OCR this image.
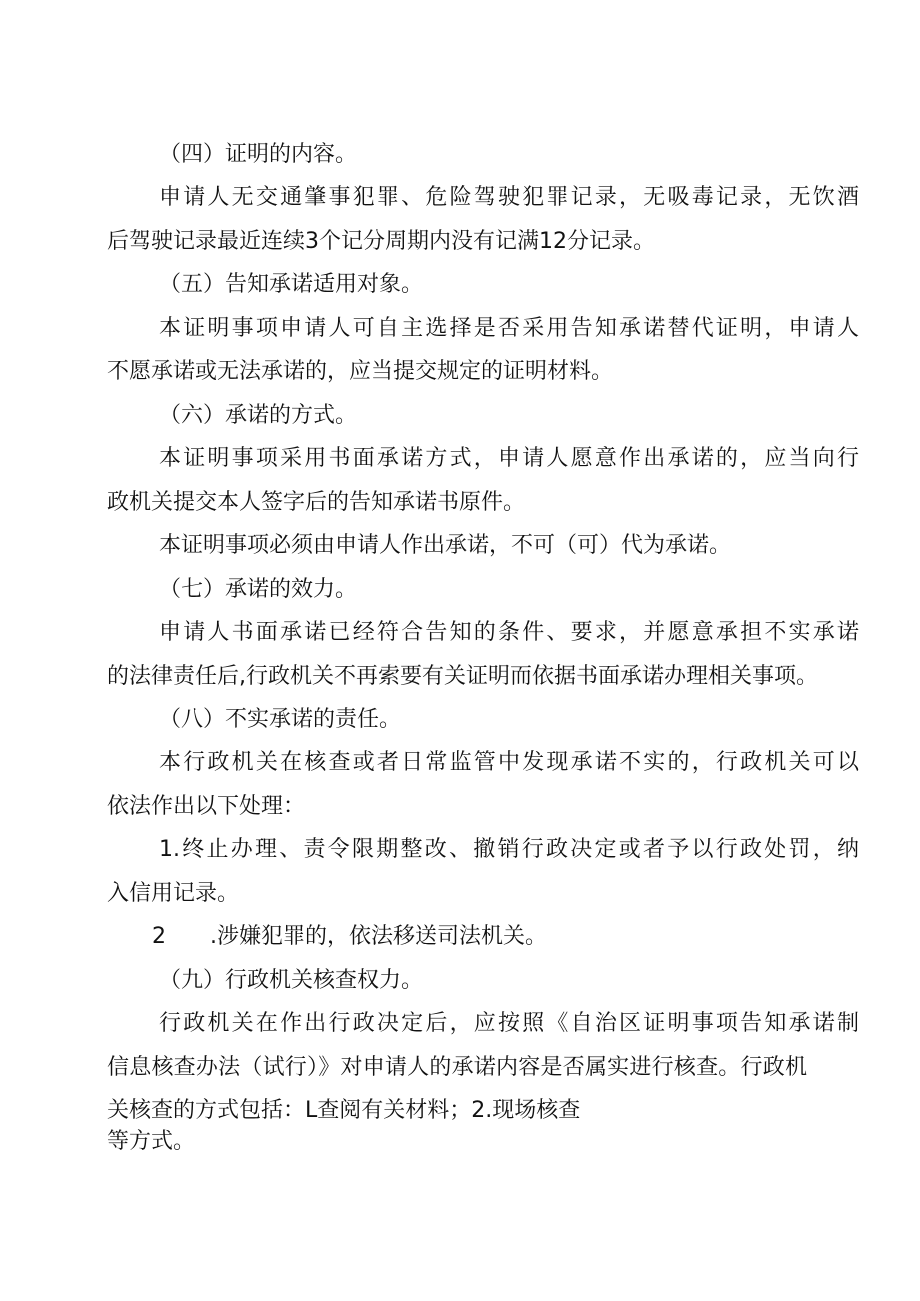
（四）证明的内容。

申请人无交通肇事犯罪、危险驾驶犯罪记录，无吸毒记录，无饮酒

后驾驶记录最近连续3个记分周期内没有记满12分记录。

（五）告知承诺适用对象。

本证明事项申请人可自主选择是否采用告知承诺替代证明，申请人

不愿承诺或无法承诺的，应当提交规定的证明材料。

（六）承诺的方式。

本证明事项采用书面承诺方式，申请人愿意作出承诺的，应当向行

政机关提交本人签字后的告知承诺书原件。

本证明事项必须由申请人作出承诺，不可（可）代为承诺。

（七）承诺的效力。

申请人书面承诺已经符合告知的条件、要求，并愿意承担不实承诺

的法律责任后,行政机关不再索要有关证明而依据书面承诺办理相关事项。

（八）不实承诺的责任。

本行政机关在核查或者日常监管中发现承诺不实的，行政机关可以

依法作出以下处理：

1.终止办理、责令限期整改、撤销行政决定或者予以行政处罚，纳

入信用记录。

2　　.涉嫌犯罪的，依法移送司法机关。

（九）行政机关核查权力。

行政机关在作出行政决定后，应按照《自治区证明事项告知承诺制

信息核查办法（试行）》对申请人的承诺内容是否属实进行核查。行政机

关核查的方式包括：L查阅有关材料；2.现场核查

等方式。
